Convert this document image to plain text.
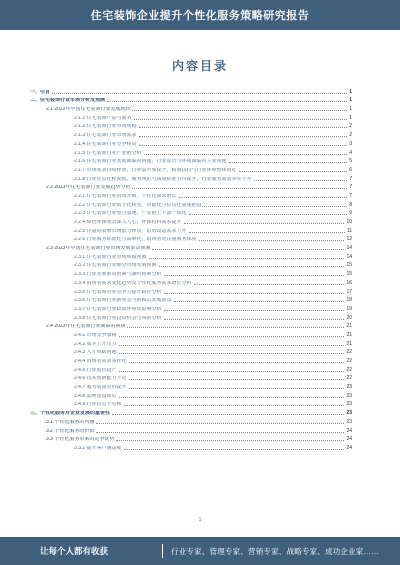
住宅装饰企业提升个性化服务策略研究报告
内容目录
一、引言	1
二、住宅装饰行业市场分析及预测	1
2.1 2022年中国住宅装饰行业发展现状	1
2.1.1 住宅装饰产品与服务	1
2.1.2 住宅装饰行业市场规模	2
2.1.3 住宅装饰行业市场需求	2
2.1.4 住宅装饰行业竞争格局	3
2.1.5 住宅装饰行业产业链分析	4
2.1.6 住宅装饰行业发展面临的问题，行业监管与环境面临的主要问题	5
2.1.7 市场需求持续释放，行业集中度提升，政策扶持与行业环境整体向好	6
2.1.8 行业信息化程度低，服务规范与质量标准有待提升，行业服务质量参差不齐	7
2.2 2023年住宅装饰行业发展趋势分析	7
2.2.1 住宅装饰行业消费升级，个性化需求增长	7
2.2.2 住宅装饰行业数字化转型，智能化与信息化加速推进	8
2.2.3 住宅装饰行业整合加速，产业链上下游一体化	9
2.2.4 绿色环保理念深入人心，环保材料需求提升	10
2.2.5 存量房装修市场潜力释放，旧房改造需求上升	11
2.2.6 行业服务标准化与品牌化，消费者更注重服务体验	12
2.3 2023年中国住宅装饰行业市场发展前景预测	14
2.3.1 住宅装饰行业市场规模预测	14
2.3.2 住宅装饰行业细分市场发展预测	15
2.3.3 行业发展驱动因素与制约因素分析	15
2.3.4 消费者需求变化趋势及个性化服务需求增长分析	16
2.3.5 住宅装饰企业竞争力提升路径分析	17
2.3.6 住宅装饰行业新业态与新模式发展前景	18
2.3.7 住宅装饰行业政策环境及影响分析	19
2.3.8 住宅装饰行业投资机会与风险分析	20
2.4 2023年住宅装饰行业面临的挑战	21
2.4.1 市场竞争加剧	21
2.4.2 成本上升压力	21
2.4.3 人才短缺问题	22
2.4.4 消费者需求多样化	22
2.4.5 行业监管趋严	22
2.4.6 技术创新能力不足	22
2.4.7 服务质量有待提升	23
2.4.8 品牌建设滞后	23
2.4.9 行业信息不对称	23
三、个性化服务对企业发展的重要性	23
3.1 个性化服务的内涵	23
3.2 个性化服务的价值	24
3.3 个性化服务带来的竞争优势	24
3.3.1 提升客户满意度	24
1
让每个人都有收获	行业专家、管理专家、营销专家、战略专家、成功企业家……
